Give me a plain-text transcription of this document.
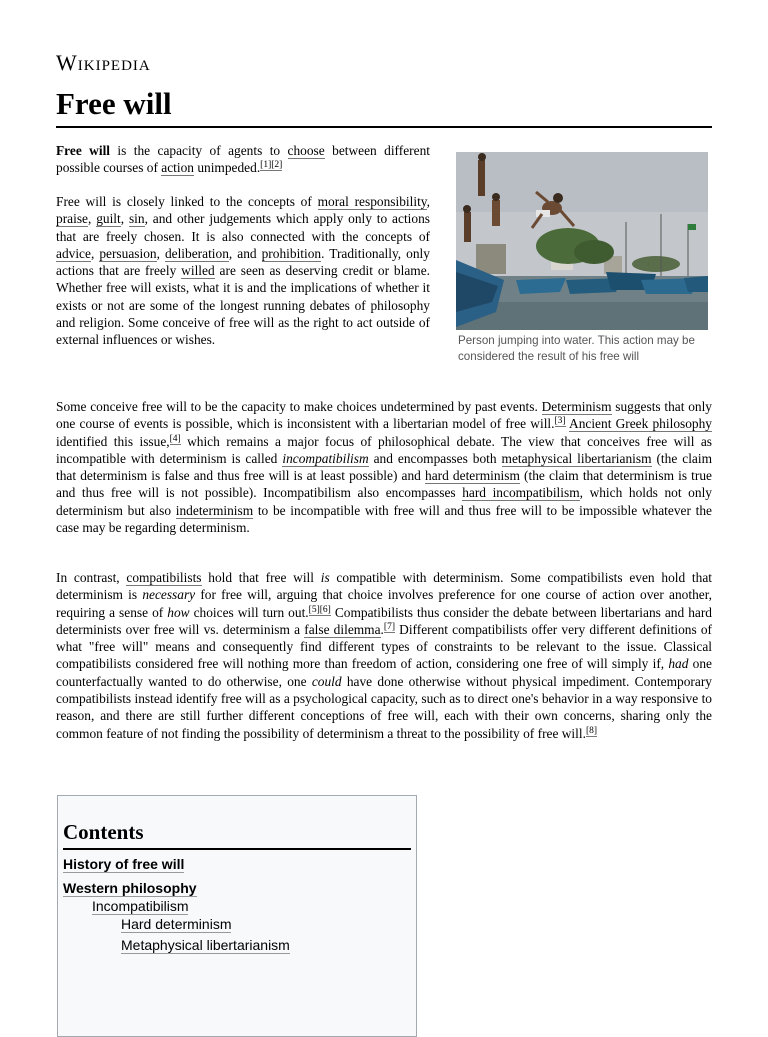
Wikipedia
Free will

Free will is the capacity of agents to choose between different possible courses of action unimpeded.[1][2]

Free will is closely linked to the concepts of moral responsibility, praise, guilt, sin, and other judgements which apply only to actions that are freely chosen. It is also connected with the concepts of advice, persuasion, deliberation, and prohibition. Traditionally, only actions that are freely willed are seen as deserving credit or blame. Whether free will exists, what it is and the implications of whether it exists or not are some of the longest running debates of philosophy and religion. Some conceive of free will as the right to act outside of external influences or wishes.	Person jumping into water. This action may be considered the result of his free will

Some conceive free will to be the capacity to make choices undetermined by past events. Determinism suggests that only one course of events is possible, which is inconsistent with a libertarian model of free will.[3] Ancient Greek philosophy identified this issue,[4] which remains a major focus of philosophical debate. The view that conceives free will as incompatible with determinism is called incompatibilism and encompasses both metaphysical libertarianism (the claim that determinism is false and thus free will is at least possible) and hard determinism (the claim that determinism is true and thus free will is not possible). Incompatibilism also encompasses hard incompatibilism, which holds not only determinism but also indeterminism to be incompatible with free will and thus free will to be impossible whatever the case may be regarding determinism.

In contrast, compatibilists hold that free will is compatible with determinism. Some compatibilists even hold that determinism is necessary for free will, arguing that choice involves preference for one course of action over another, requiring a sense of how choices will turn out.[5][6] Compatibilists thus consider the debate between libertarians and hard determinists over free will vs. determinism a false dilemma.[7] Different compatibilists offer very different definitions of what "free will" means and consequently find different types of constraints to be relevant to the issue. Classical compatibilists considered free will nothing more than freedom of action, considering one free of will simply if, had one counterfactually wanted to do otherwise, one could have done otherwise without physical impediment. Contemporary compatibilists instead identify free will as a psychological capacity, such as to direct one's behavior in a way responsive to reason, and there are still further different conceptions of free will, each with their own concerns, sharing only the common feature of not finding the possibility of determinism a threat to the possibility of free will.[8]

Contents
History of free will
Western philosophy
Incompatibilism
Hard determinism
Metaphysical libertarianism
